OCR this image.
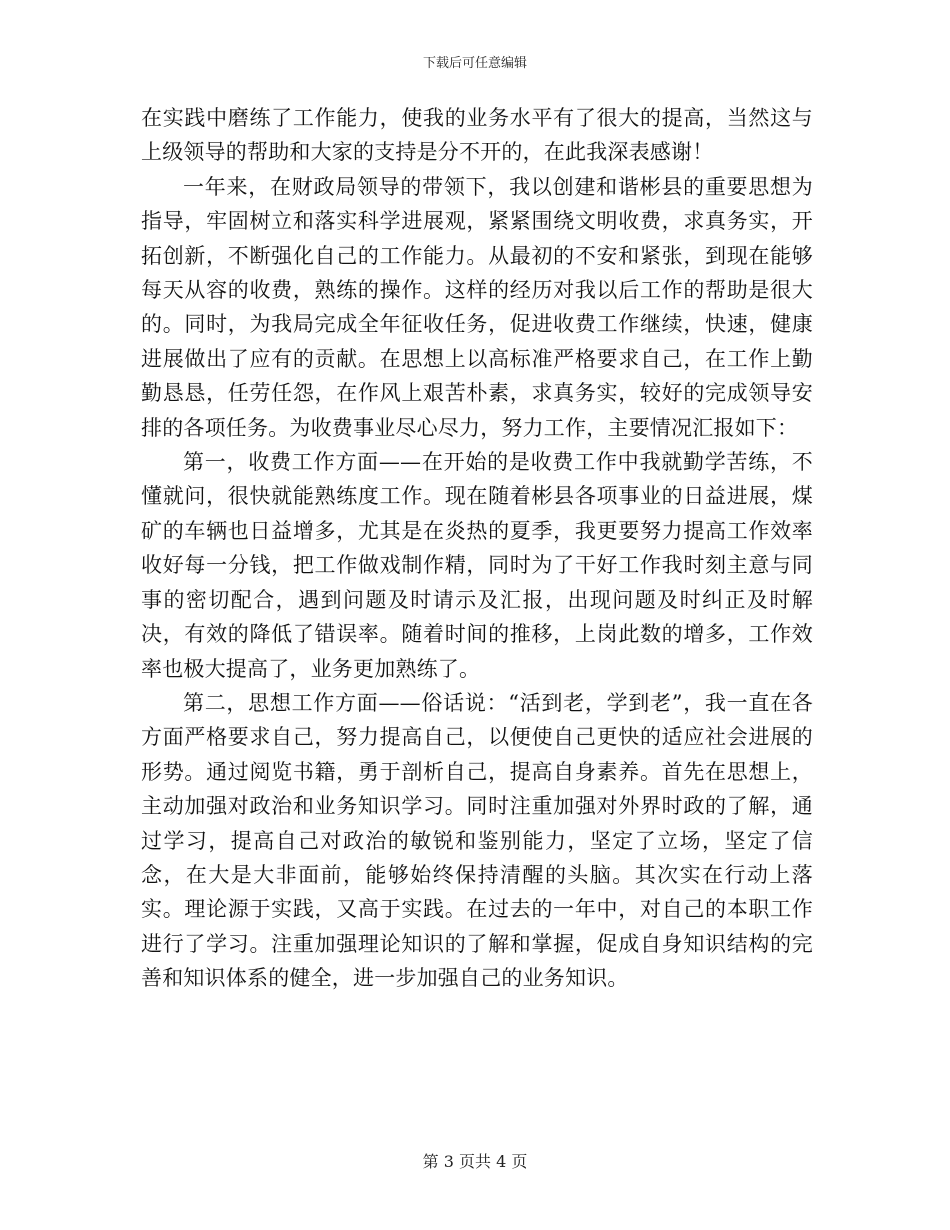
下载后可任意编辑

在实践中磨练了工作能力，使我的业务水平有了很大的提高，当然这与上级领导的帮助和大家的支持是分不开的，在此我深表感谢！

一年来，在财政局领导的带领下，我以创建和谐彬县的重要思想为指导，牢固树立和落实科学进展观，紧紧围绕文明收费，求真务实，开拓创新，不断强化自己的工作能力。从最初的不安和紧张，到现在能够每天从容的收费，熟练的操作。这样的经历对我以后工作的帮助是很大的。同时，为我局完成全年征收任务，促进收费工作继续，快速，健康进展做出了应有的贡献。在思想上以高标准严格要求自己，在工作上勤勤恳恳，任劳任怨，在作风上艰苦朴素，求真务实，较好的完成领导安排的各项任务。为收费事业尽心尽力，努力工作，主要情况汇报如下：

第一，收费工作方面——在开始的是收费工作中我就勤学苦练，不懂就问，很快就能熟练度工作。现在随着彬县各项事业的日益进展，煤矿的车辆也日益增多，尤其是在炎热的夏季，我更要努力提高工作效率收好每一分钱，把工作做戏制作精，同时为了干好工作我时刻主意与同事的密切配合，遇到问题及时请示及汇报，出现问题及时纠正及时解决，有效的降低了错误率。随着时间的推移，上岗此数的增多，工作效率也极大提高了，业务更加熟练了。

第二，思想工作方面——俗话说：“活到老，学到老”，我一直在各方面严格要求自己，努力提高自己，以便使自己更快的适应社会进展的形势。通过阅览书籍，勇于剖析自己，提高自身素养。首先在思想上，主动加强对政治和业务知识学习。同时注重加强对外界时政的了解，通过学习，提高自己对政治的敏锐和鉴别能力，坚定了立场，坚定了信念，在大是大非面前，能够始终保持清醒的头脑。其次实在行动上落实。理论源于实践，又高于实践。在过去的一年中，对自己的本职工作进行了学习。注重加强理论知识的了解和掌握，促成自身知识结构的完善和知识体系的健全，进一步加强自己的业务知识。

第 3 页共 4 页
